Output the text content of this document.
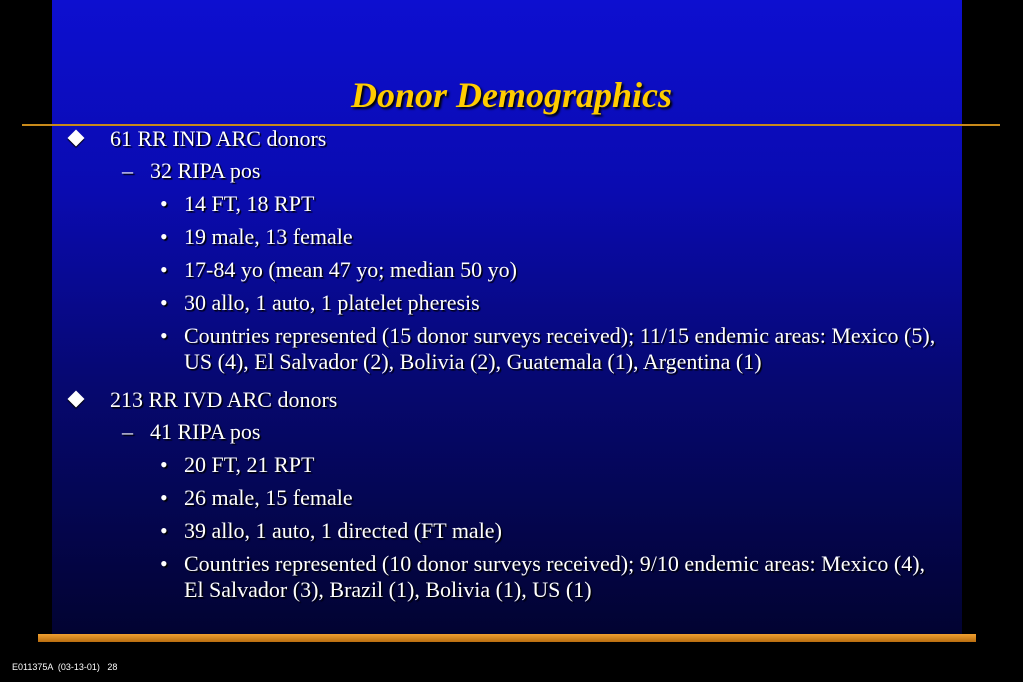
Donor Demographics
61 RR IND ARC donors
– 32 RIPA pos
• 14 FT, 18 RPT
• 19 male, 13 female
• 17-84 yo (mean 47 yo; median 50 yo)
• 30 allo, 1 auto, 1 platelet pheresis
• Countries represented (15 donor surveys received); 11/15 endemic areas: Mexico (5), US (4), El Salvador (2), Bolivia (2), Guatemala (1), Argentina (1)
213 RR IVD ARC donors
– 41 RIPA pos
• 20 FT, 21 RPT
• 26 male, 15 female
• 39 allo, 1 auto, 1 directed (FT male)
• Countries represented (10 donor surveys received); 9/10 endemic areas: Mexico (4), El Salvador (3), Brazil (1), Bolivia (1), US (1)
E011375A  (03-13-01)   28
